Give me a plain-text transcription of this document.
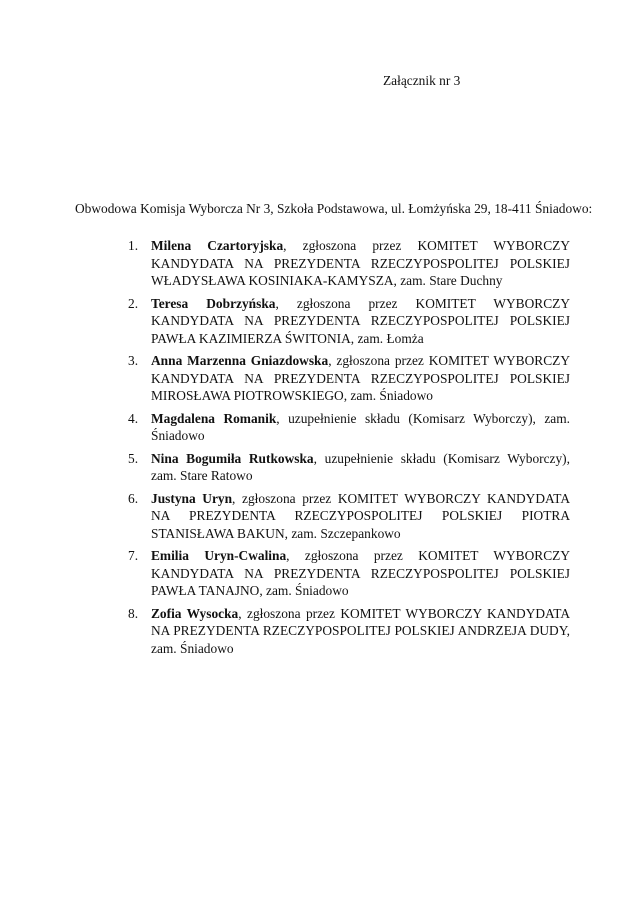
Załącznik nr 3
Obwodowa Komisja Wyborcza Nr 3, Szkoła Podstawowa, ul. Łomżyńska 29, 18-411 Śniadowo:
1. Milena Czartoryjska, zgłoszona przez KOMITET WYBORCZY KANDYDATA NA PREZYDENTA RZECZYPOSPOLITEJ POLSKIEJ WŁADYSŁAWA KOSINIAKA-KAMYSZA, zam. Stare Duchny
2. Teresa Dobrzyńska, zgłoszona przez KOMITET WYBORCZY KANDYDATA NA PREZYDENTA RZECZYPOSPOLITEJ POLSKIEJ PAWŁA KAZIMIERZA ŚWITONIA, zam. Łomża
3. Anna Marzenna Gniazdowska, zgłoszona przez KOMITET WYBORCZY KANDYDATA NA PREZYDENTA RZECZYPOSPOLITEJ POLSKIEJ MIROSŁAWA PIOTROWSKIEGO, zam. Śniadowo
4. Magdalena Romanik, uzupełnienie składu (Komisarz Wyborczy), zam. Śniadowo
5. Nina Bogumiła Rutkowska, uzupełnienie składu (Komisarz Wyborczy), zam. Stare Ratowo
6. Justyna Uryn, zgłoszona przez KOMITET WYBORCZY KANDYDATA NA PREZYDENTA RZECZYPOSPOLITEJ POLSKIEJ PIOTRA STANISŁAWA BAKUN, zam. Szczepankowo
7. Emilia Uryn-Cwalina, zgłoszona przez KOMITET WYBORCZY KANDYDATA NA PREZYDENTA RZECZYPOSPOLITEJ POLSKIEJ PAWŁA TANAJNO, zam. Śniadowo
8. Zofia Wysocka, zgłoszona przez KOMITET WYBORCZY KANDYDATA NA PREZYDENTA RZECZYPOSPOLITEJ POLSKIEJ ANDRZEJA DUDY, zam. Śniadowo
